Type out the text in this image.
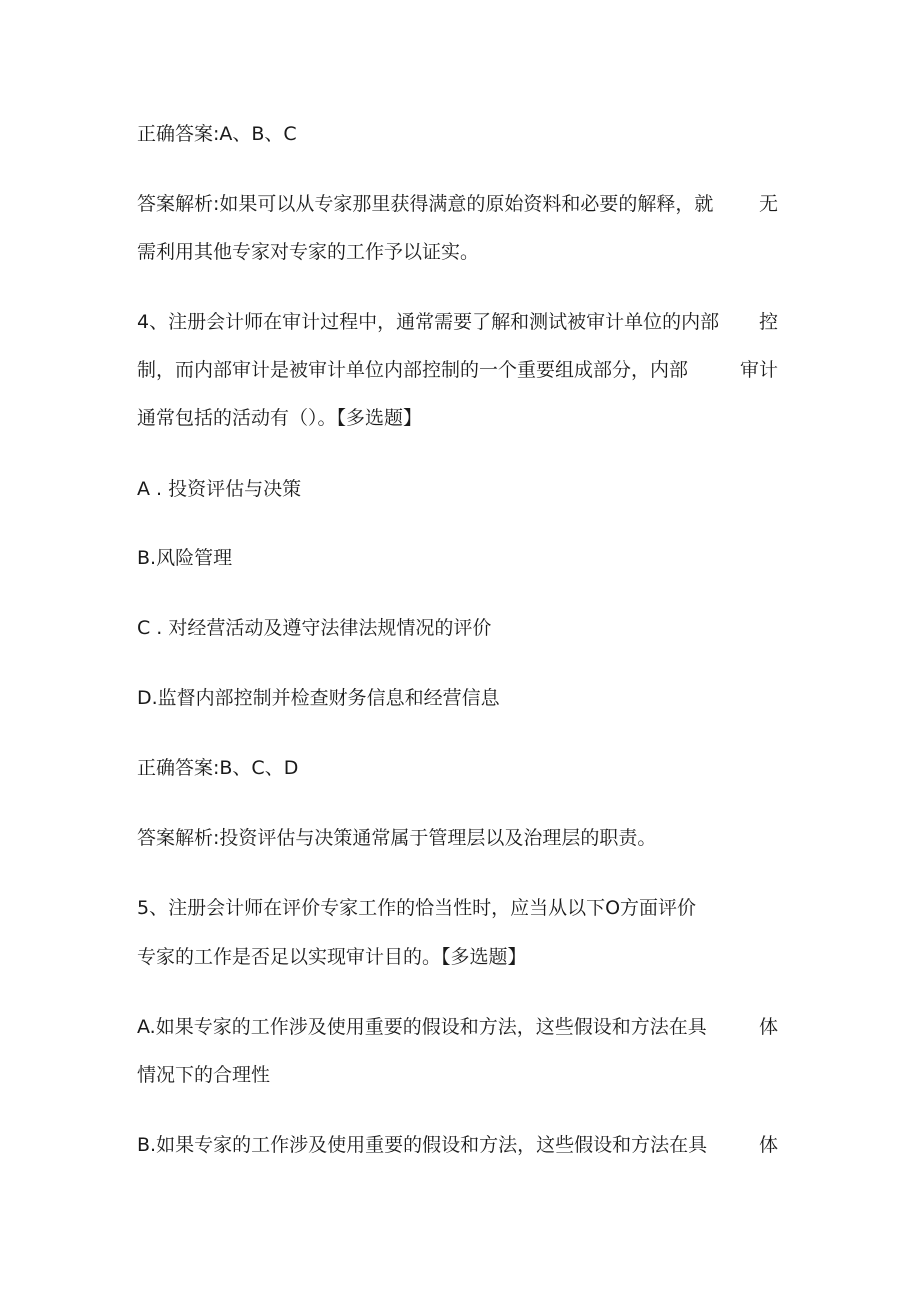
正确答案:A、B、C
答案解析:如果可以从专家那里获得满意的原始资料和必要的解释，就 无
需利用其他专家对专家的工作予以证实。
4、注册会计师在审计过程中，通常需要了解和测试被审计单位的内部 控
制，而内部审计是被审计单位内部控制的一个重要组成部分，内部	审计
通常包括的活动有（）。【多选题】
A . 投资评估与决策
B.风险管理
C . 对经营活动及遵守法律法规情况的评价
D.监督内部控制并检查财务信息和经营信息
正确答案:B、C、D
答案解析:投资评估与决策通常属于管理层以及治理层的职责。
5、注册会计师在评价专家工作的恰当性时，应当从以下O方面评价
专家的工作是否足以实现审计目的。【多选题】
A.如果专家的工作涉及使用重要的假设和方法，这些假设和方法在具	体
情况下的合理性
B.如果专家的工作涉及使用重要的假设和方法，这些假设和方法在具	体
